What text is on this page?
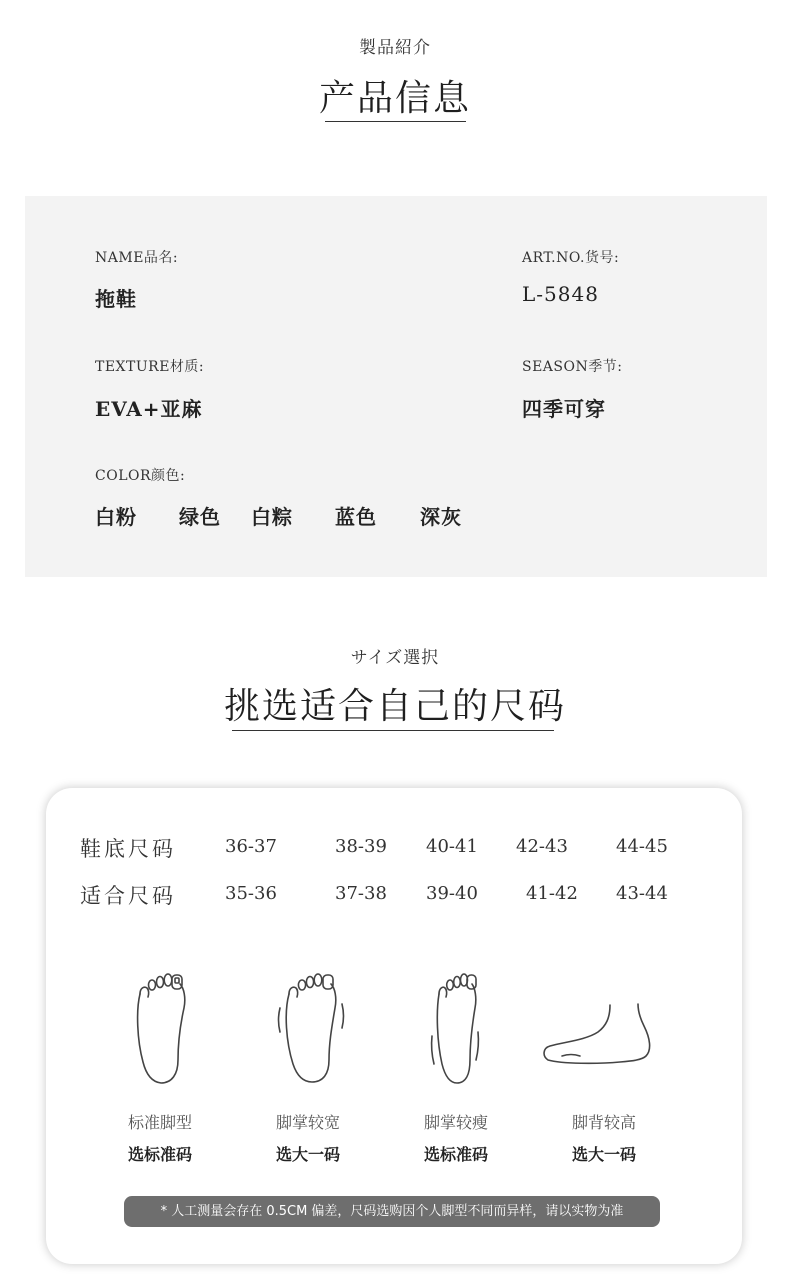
製品紹介
产品信息
NAME品名:
拖鞋
ART.NO.货号:
L-5848
TEXTURE材质:
EVA+亚麻
SEASON季节:
四季可穿
COLOR颜色:
白粉 绿色 白粽 蓝色 深灰
サイズ選択
挑选适合自己的尺码
鞋底尺码	36-37	38-39 40-41 42-43	44-45
适合尺码	35-36	37-38 39-40	41-42 43-44
标准脚型
选标准码
脚掌较宽
选大一码
脚掌较瘦
选标准码
脚背较高
选大一码
* 人工测量会存在 0.5CM 偏差，尺码选购因个人脚型不同而异样，请以实物为准
